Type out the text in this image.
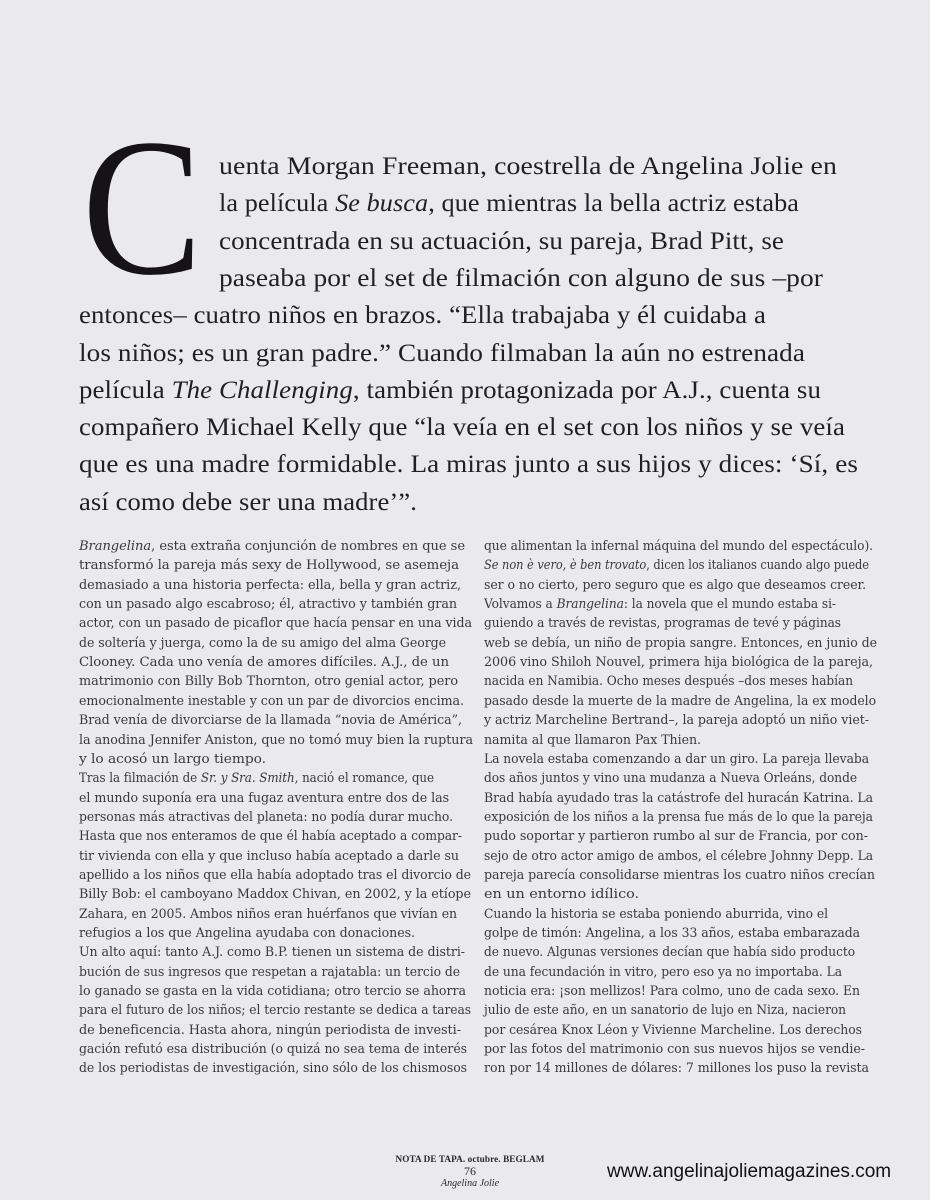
C uenta Morgan Freeman, coestrella de Angelina Jolie en
la película Se busca, que mientras la bella actriz estaba
concentrada en su actuación, su pareja, Brad Pitt, se
paseaba por el set de filmación con alguno de sus –por
entonces– cuatro niños en brazos. “Ella trabajaba y él cuidaba a
los niños; es un gran padre.” Cuando filmaban la aún no estrenada
película The Challenging, también protagonizada por A.J., cuenta su
compañero Michael Kelly que “la veía en el set con los niños y se veía
que es una madre formidable. La miras junto a sus hijos y dices: ‘Sí, es
así como debe ser una madre’”.
Brangelina, esta extraña conjunción de nombres en que se
transformó la pareja más sexy de Hollywood, se asemeja
demasiado a una historia perfecta: ella, bella y gran actriz,
con un pasado algo escabroso; él, atractivo y también gran
actor, con un pasado de picaflor que hacía pensar en una vida
de soltería y juerga, como la de su amigo del alma George
Clooney. Cada uno venía de amores difíciles. A.J., de un
matrimonio con Billy Bob Thornton, otro genial actor, pero
emocionalmente inestable y con un par de divorcios encima.
Brad venía de divorciarse de la llamada “novia de América”,
la anodina Jennifer Aniston, que no tomó muy bien la ruptura
y lo acosó un largo tiempo.
Tras la filmación de Sr. y Sra. Smith, nació el romance, que
el mundo suponía era una fugaz aventura entre dos de las
personas más atractivas del planeta: no podía durar mucho.
Hasta que nos enteramos de que él había aceptado a compar-
tir vivienda con ella y que incluso había aceptado a darle su
apellido a los niños que ella había adoptado tras el divorcio de
Billy Bob: el camboyano Maddox Chivan, en 2002, y la etíope
Zahara, en 2005. Ambos niños eran huérfanos que vivían en
refugios a los que Angelina ayudaba con donaciones.
Un alto aquí: tanto A.J. como B.P. tienen un sistema de distri-
bución de sus ingresos que respetan a rajatabla: un tercio de
lo ganado se gasta en la vida cotidiana; otro tercio se ahorra
para el futuro de los niños; el tercio restante se dedica a tareas
de beneficencia. Hasta ahora, ningún periodista de investi-
gación refutó esa distribución (o quizá no sea tema de interés
de los periodistas de investigación, sino sólo de los chismosos
que alimentan la infernal máquina del mundo del espectáculo).
Se non è vero, è ben trovato, dicen los italianos cuando algo puede
ser o no cierto, pero seguro que es algo que deseamos creer.
Volvamos a Brangelina: la novela que el mundo estaba si-
guiendo a través de revistas, programas de tevé y páginas
web se debía, un niño de propia sangre. Entonces, en junio de
2006 vino Shiloh Nouvel, primera hija biológica de la pareja,
nacida en Namibia. Ocho meses después –dos meses habían
pasado desde la muerte de la madre de Angelina, la ex modelo
y actriz Marcheline Bertrand–, la pareja adoptó un niño viet-
namita al que llamaron Pax Thien.
La novela estaba comenzando a dar un giro. La pareja llevaba
dos años juntos y vino una mudanza a Nueva Orleáns, donde
Brad había ayudado tras la catástrofe del huracán Katrina. La
exposición de los niños a la prensa fue más de lo que la pareja
pudo soportar y partieron rumbo al sur de Francia, por con-
sejo de otro actor amigo de ambos, el célebre Johnny Depp. La
pareja parecía consolidarse mientras los cuatro niños crecían
en un entorno idílico.
Cuando la historia se estaba poniendo aburrida, vino el
golpe de timón: Angelina, a los 33 años, estaba embarazada
de nuevo. Algunas versiones decían que había sido producto
de una fecundación in vitro, pero eso ya no importaba. La
noticia era: ¡son mellizos! Para colmo, uno de cada sexo. En
julio de este año, en un sanatorio de lujo en Niza, nacieron
por cesárea Knox Léon y Vivienne Marcheline. Los derechos
por las fotos del matrimonio con sus nuevos hijos se vendie-
ron por 14 millones de dólares: 7 millones los puso la revista
NOTA DE TAPA. octubre. BEGLAM
76
Angelina Jolie
www.angelinajoliemagazines.com
